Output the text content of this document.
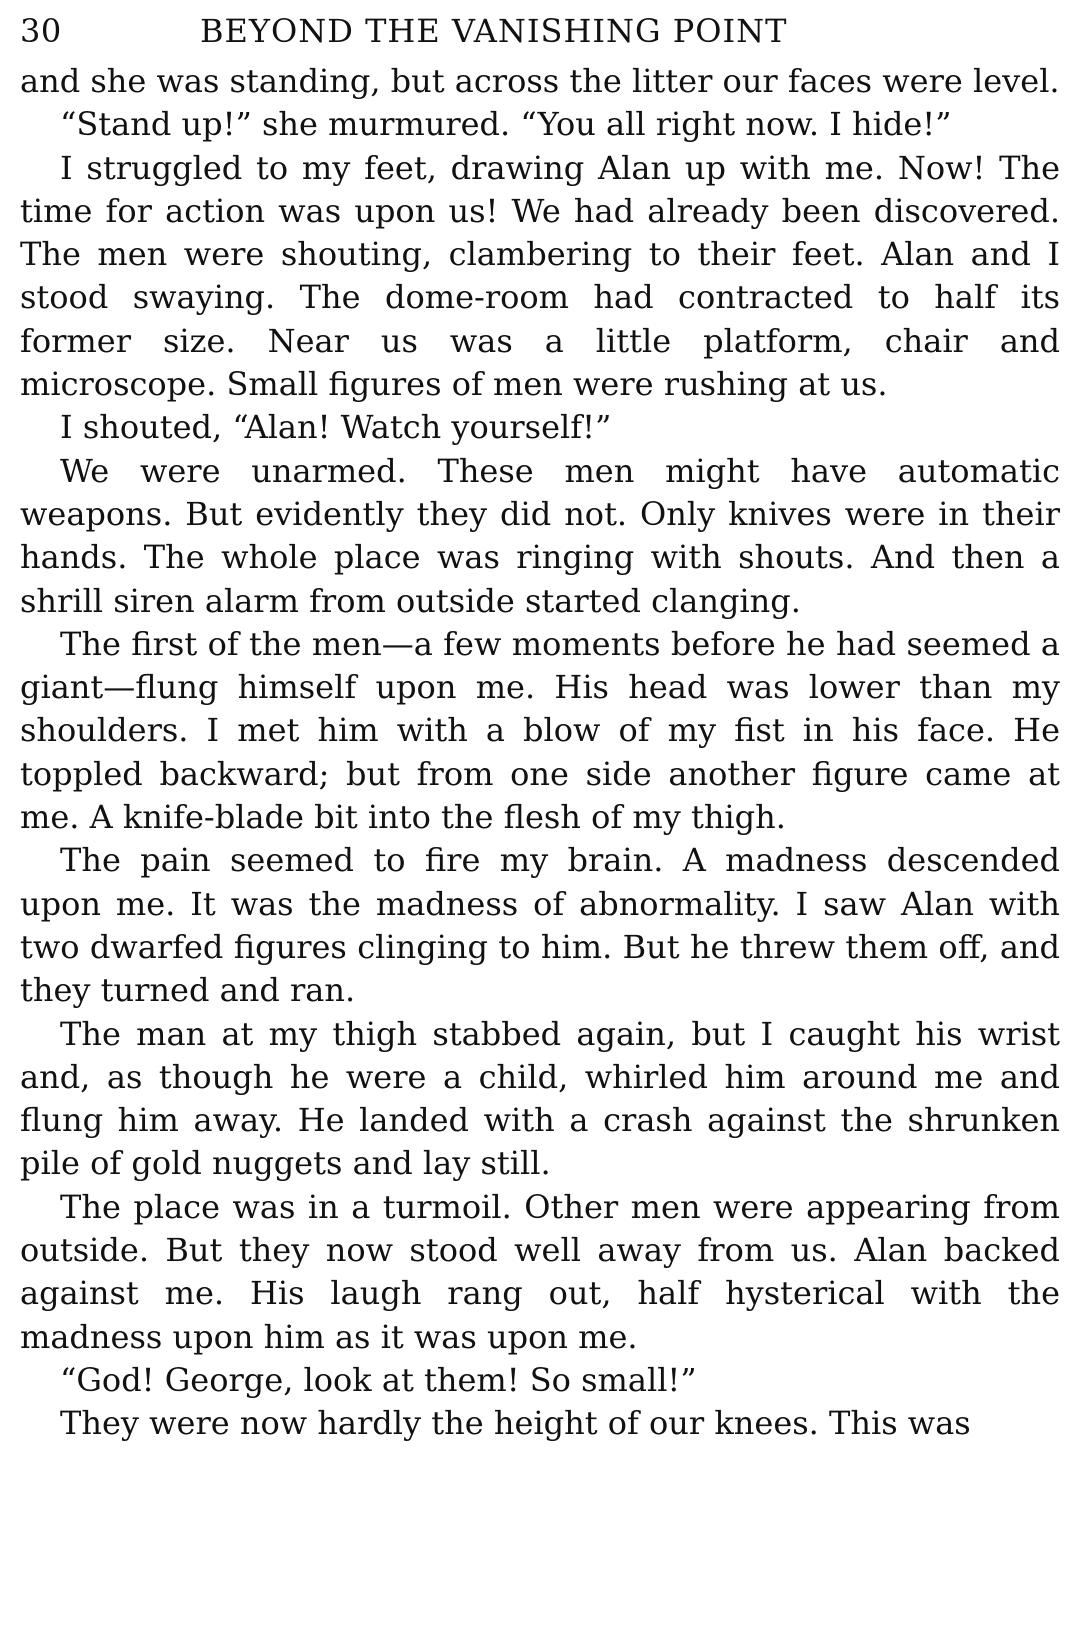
30	BEYOND THE VANISHING POINT

and she was standing, but across the litter our faces were level.

“Stand up!” she murmured. “You all right now. I hide!”

I struggled to my feet, drawing Alan up with me. Now! The time for action was upon us! We had already been discovered. The men were shouting, clambering to their feet. Alan and I stood swaying. The dome-room had contracted to half its former size. Near us was a little platform, chair and microscope. Small figures of men were rushing at us.

I shouted, “Alan! Watch yourself!”

We were unarmed. These men might have automatic weapons. But evidently they did not. Only knives were in their hands. The whole place was ringing with shouts. And then a shrill siren alarm from outside started clanging.

The first of the men—a few moments before he had seemed a giant—flung himself upon me. His head was lower than my shoulders. I met him with a blow of my fist in his face. He toppled backward; but from one side another figure came at me. A knife-blade bit into the flesh of my thigh.

The pain seemed to fire my brain. A madness descended upon me. It was the madness of abnormality. I saw Alan with two dwarfed figures clinging to him. But he threw them off, and they turned and ran.

The man at my thigh stabbed again, but I caught his wrist and, as though he were a child, whirled him around me and flung him away. He landed with a crash against the shrunken pile of gold nuggets and lay still.

The place was in a turmoil. Other men were appearing from outside. But they now stood well away from us. Alan backed against me. His laugh rang out, half hysterical with the madness upon him as it was upon me.

“God! George, look at them! So small!”

They were now hardly the height of our knees. This was
